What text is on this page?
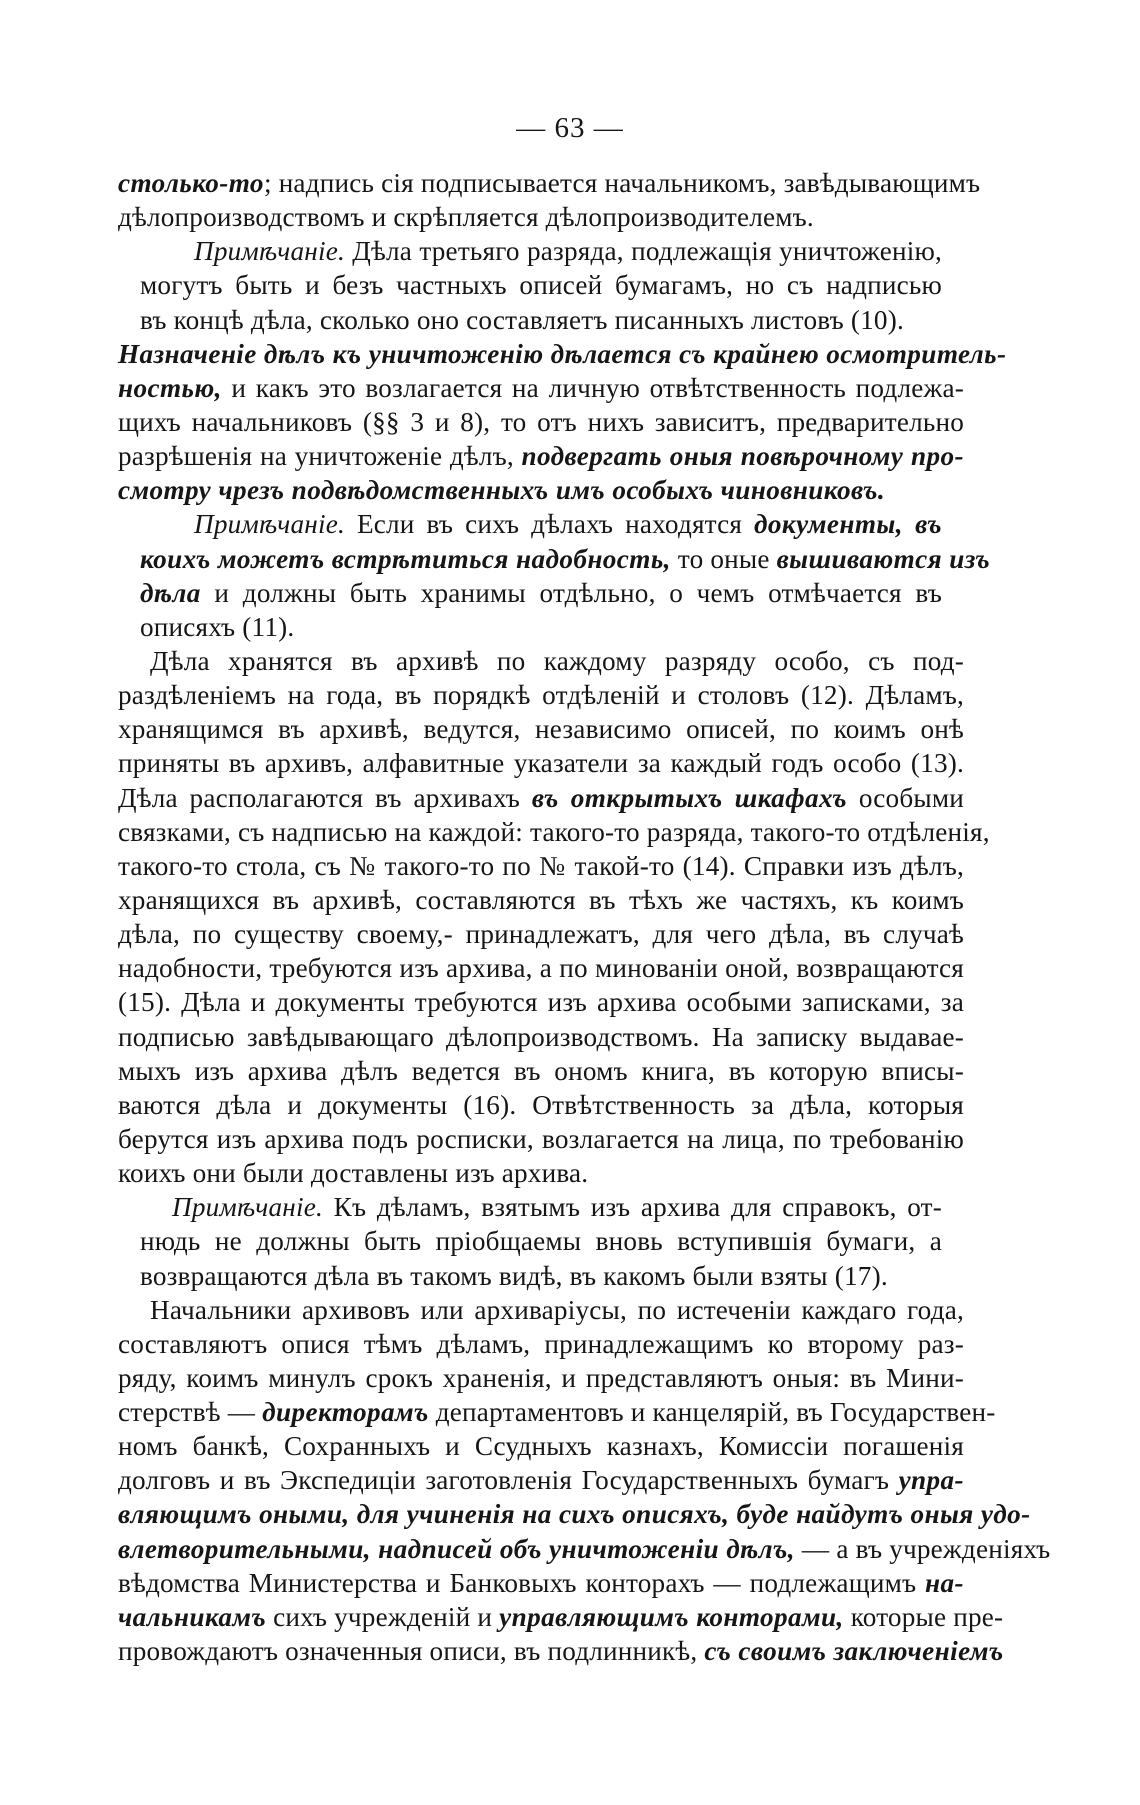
— 63 —
столько-то; надпись сія подписывается начальникомъ, завѣдывающимъ
дѣлопроизводствомъ и скрѣпляется дѣлопроизводителемъ.
Примѣчаніе. Дѣла третьяго разряда, подлежащія уничтоженію,
могутъ быть и безъ частныхъ описей бумагамъ, но съ надписью
въ концѣ дѣла, сколько оно составляетъ писанныхъ листовъ (10).
Назначеніе дѣлъ къ уничтоженію дѣлается съ крайнею осмотритель-
ностью, и какъ это возлагается на личную отвѣтственность подлежа-
щихъ начальниковъ (§§ 3 и 8), то отъ нихъ зависитъ, предварительно
разрѣшенія на уничтоженіе дѣлъ, подвергать оныя повѣрочному про-
смотру чрезъ подвѣдомственныхъ имъ особыхъ чиновниковъ.
Примѣчаніе. Если въ сихъ дѣлахъ находятся документы, въ
коихъ можетъ встрѣтиться надобность, то оные вышиваются изъ
дѣла и должны быть хранимы отдѣльно, о чемъ отмѣчается въ
описяхъ (11).
Дѣла хранятся въ архивѣ по каждому разряду особо, съ под-
раздѣленіемъ на года, въ порядкѣ отдѣленій и столовъ (12). Дѣламъ,
хранящимся въ архивѣ, ведутся, независимо описей, по коимъ онѣ
приняты въ архивъ, алфавитные указатели за каждый годъ особо (13).
Дѣла располагаются въ архивахъ въ открытыхъ шкафахъ особыми
связками, съ надписью на каждой: такого-то разряда, такого-то отдѣленія,
такого-то стола, съ № такого-то по № такой-то (14). Справки изъ дѣлъ,
хранящихся въ архивѣ, составляются въ тѣхъ же частяхъ, къ коимъ
дѣла, по существу своему,- принадлежатъ, для чего дѣла, въ случаѣ
надобности, требуются изъ архива, а по минованіи оной, возвращаются
(15). Дѣла и документы требуются изъ архива особыми записками, за
подписью завѣдывающаго дѣлопроизводствомъ. На записку выдавае-
мыхъ изъ архива дѣлъ ведется въ ономъ книга, въ которую вписы-
ваются дѣла и документы (16). Отвѣтственность за дѣла, которыя
берутся изъ архива подъ росписки, возлагается на лица, по требованію
коихъ они были доставлены изъ архива.
Примѣчаніе. Къ дѣламъ, взятымъ изъ архива для справокъ, от-
нюдь не должны быть пріобщаемы вновь вступившія бумаги, а
возвращаются дѣла въ такомъ видѣ, въ какомъ были взяты (17).
Начальники архивовъ или архиваріусы, по истеченіи каждаго года,
составляютъ опися тѣмъ дѣламъ, принадлежащимъ ко второму раз-
ряду, коимъ минулъ срокъ храненія, и представляютъ оныя: въ Мини-
стерствѣ — директорамъ департаментовъ и канцелярій, въ Государствен-
номъ банкѣ, Сохранныхъ и Ссудныхъ казнахъ, Комиссіи погашенія
долговъ и въ Экспедиціи заготовленія Государственныхъ бумагъ упра-
вляющимъ оными, для учиненія на сихъ описяхъ, буде найдутъ оныя удо-
влетворительными, надписей объ уничтоженіи дѣлъ, — а въ учрежденіяхъ
вѣдомства Министерства и Банковыхъ конторахъ — подлежащимъ на-
чальникамъ сихъ учрежденій и управляющимъ конторами, которые пре-
провождаютъ означенныя описи, въ подлинникѣ, съ своимъ заключеніемъ
